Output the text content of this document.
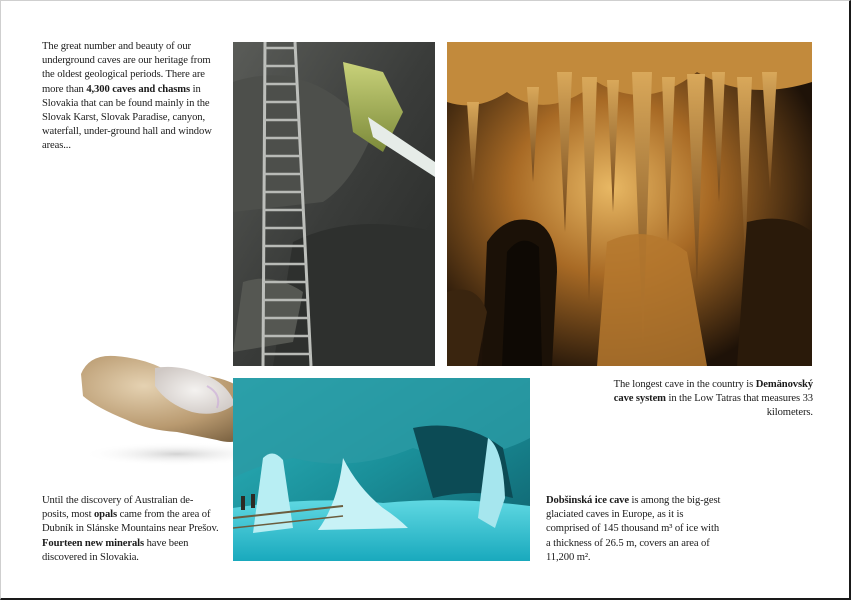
The great number and beauty of our underground caves are our heritage from the oldest geological periods. There are more than 4,300 caves and chasms in Slovakia that can be found mainly in the Slovak Karst, Slovak Paradise, canyon, waterfall, under-ground hall and window areas...

The longest cave in the country is Demänovský cave system in the Low Tatras that measures 33 kilometers.

Until the discovery of Australian de-posits, most opals came from the area of Dubník in Slánske Mountains near Prešov. Fourteen new minerals have been discovered in Slovakia.

Dobšinská ice cave is among the big-gest glaciated caves in Europe, as it is comprised of 145 thousand m³ of ice with a thickness of 26.5 m, covers an area of 11,200 m².
